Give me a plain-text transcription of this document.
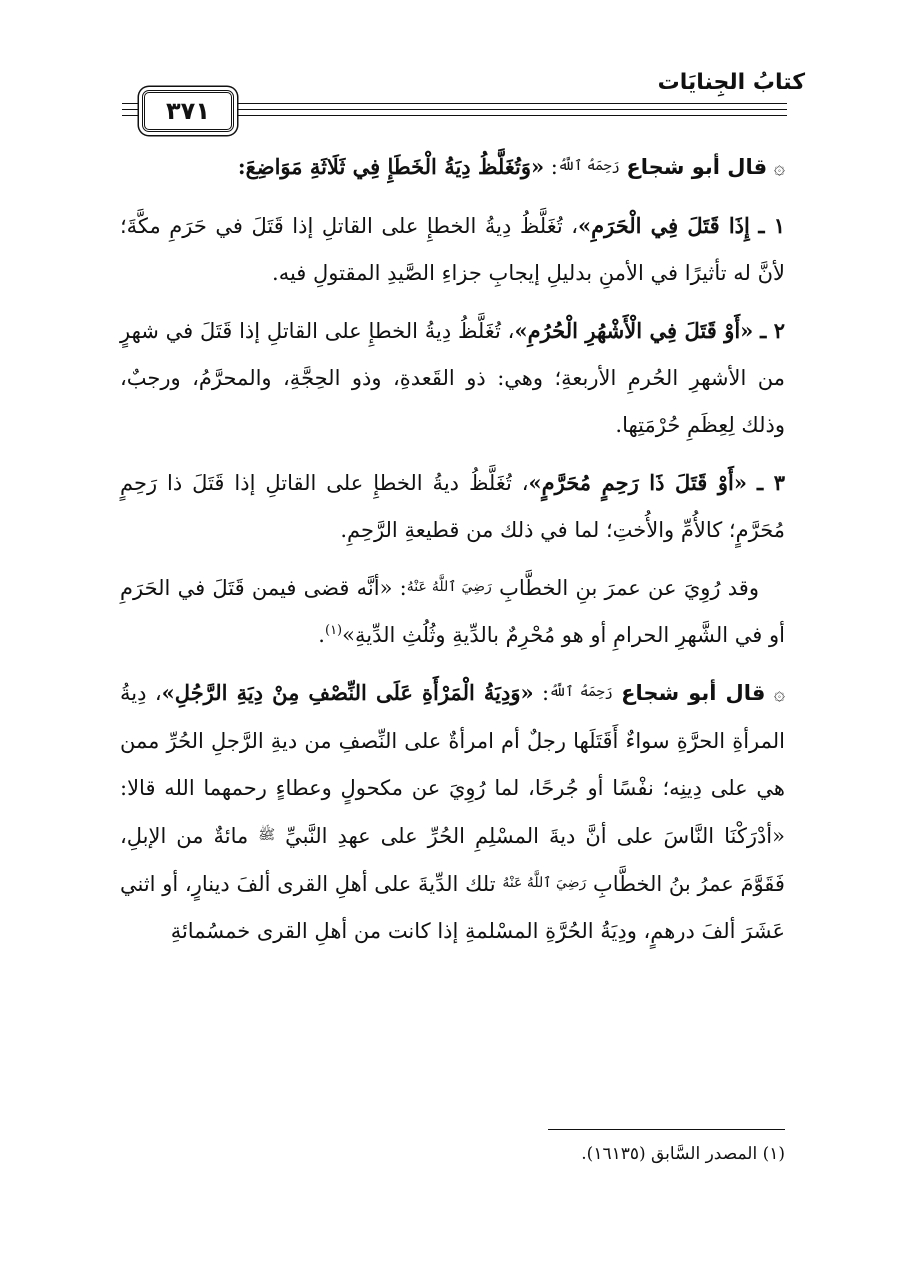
كتابُ الجِنايَات
٣٧١

۞ قال أبو شجاع رَحِمَهُ ٱللَّهُ: «وَتُغَلَّظُ دِيَةُ الْخَطَإِ فِي ثَلَاثَةِ مَوَاضِعَ:

١ ـ إِذَا قَتَلَ فِي الْحَرَمِ»، تُغَلَّظُ دِيةُ الخطإِ على القاتلِ إذا قَتَلَ في حَرَمِ مكَّةَ؛ لأنَّ له تأثيرًا في الأمنِ بدليلِ إيجابِ جزاءِ الصَّيدِ المقتولِ فيه.

٢ ـ «أَوْ قَتَلَ فِي الْأَشْهُرِ الْحُرُمِ»، تُغَلَّظُ دِيةُ الخطإِ على القاتلِ إذا قَتَلَ في شهرٍ من الأشهرِ الحُرمِ الأربعةِ؛ وهي: ذو القَعدةِ، وذو الحِجَّةِ، والمحرَّمُ، ورجبٌ، وذلك لِعِظَمِ حُرْمَتِها.

٣ ـ «أَوْ قَتَلَ ذَا رَحِمٍ مُحَرَّمٍ»، تُغَلَّظُ ديةُ الخطإِ على القاتلِ إذا قَتَلَ ذا رَحِمٍ مُحَرَّمٍ؛ كالأُمِّ والأُختِ؛ لما في ذلك من قطيعةِ الرَّحِمِ.

وقد رُوِيَ عن عمرَ بنِ الخطَّابِ رَضِيَ ٱللَّهُ عَنْهُ: «أنَّه قضى فيمن قَتَلَ في الحَرَمِ أو في الشَّهرِ الحرامِ أو هو مُحْرِمٌ بالدِّيةِ وثُلُثِ الدِّيةِ»$^{(١)}$.

۞ قال أبو شجاع رَحِمَهُ ٱللَّهُ: «وَدِيَةُ الْمَرْأَةِ عَلَى النِّصْفِ مِنْ دِيَةِ الرَّجُلِ»، دِيةُ المرأةِ الحرَّةِ سواءٌ أَقَتَلَها رجلٌ أم امرأةٌ على النِّصفِ من ديةِ الرَّجلِ الحُرِّ ممن هي على دِينِه؛ نفْسًا أو جُرحًا، لما رُوِيَ عن مكحولٍ وعطاءٍ رحمهما الله قالا: «أدْرَكْنَا النَّاسَ على أنَّ ديةَ المسْلِمِ الحُرِّ على عهدِ النَّبيِّ ﷺ مائةٌ من الإبلِ، فَقَوَّمَ عمرُ بنُ الخطَّابِ رَضِيَ ٱللَّهُ عَنْهُ تلك الدِّيةَ على أهلِ القرى ألفَ دينارٍ، أو اثني عَشَرَ ألفَ درهمٍ، ودِيَةُ الحُرَّةِ المسْلمةِ إذا كانت من أهلِ القرى خمسُمائةِ

(١) المصدر السَّابق (١٦١٣٥).
